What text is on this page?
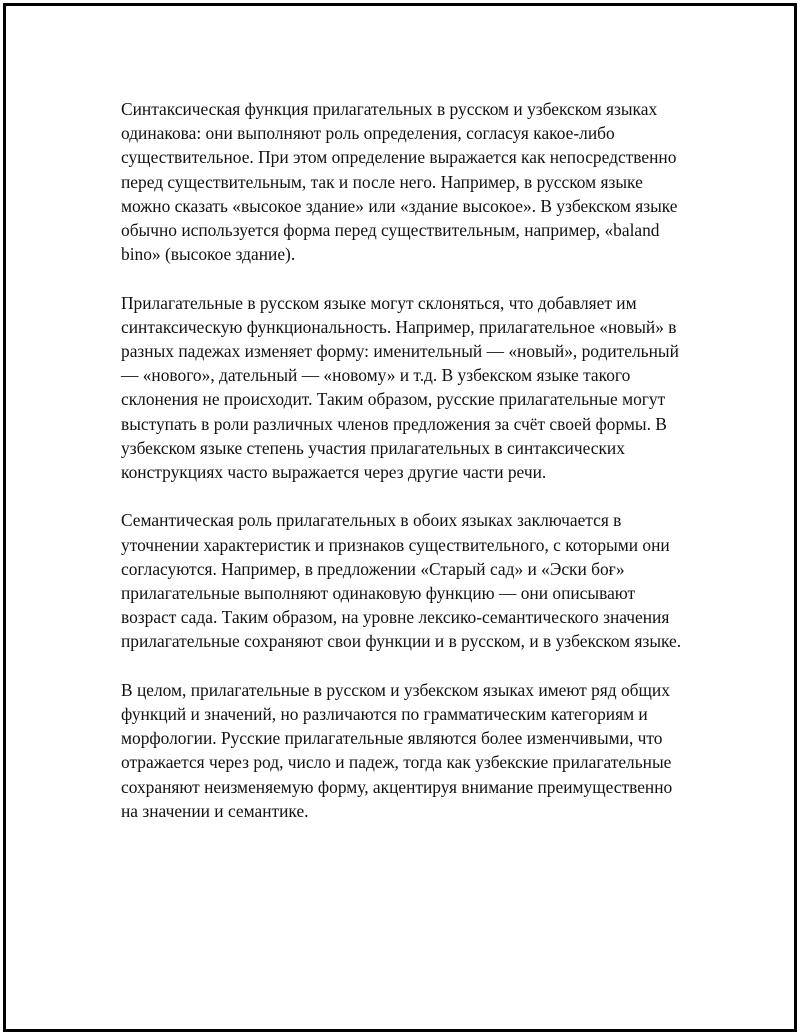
Синтаксическая функция прилагательных в русском и узбекском языках одинакова: они выполняют роль определения, согласуя какое-либо существительное. При этом определение выражается как непосредственно перед существительным, так и после него. Например, в русском языке можно сказать «высокое здание» или «здание высокое». В узбекском языке обычно используется форма перед существительным, например, «baland bino» (высокое здание).

Прилагательные в русском языке могут склоняться, что добавляет им синтаксическую функциональность. Например, прилагательное «новый» в разных падежах изменяет форму: именительный — «новый», родительный — «нового», дательный — «новому» и т.д. В узбекском языке такого склонения не происходит. Таким образом, русские прилагательные могут выступать в роли различных членов предложения за счёт своей формы. В узбекском языке степень участия прилагательных в синтаксических конструкциях часто выражается через другие части речи.

Семантическая роль прилагательных в обоих языках заключается в уточнении характеристик и признаков существительного, с которыми они согласуются. Например, в предложении «Старый сад» и «Эски боғ» прилагательные выполняют одинаковую функцию — они описывают возраст сада. Таким образом, на уровне лексико-семантического значения прилагательные сохраняют свои функции и в русском, и в узбекском языке.

В целом, прилагательные в русском и узбекском языках имеют ряд общих функций и значений, но различаются по грамматическим категориям и морфологии. Русские прилагательные являются более изменчивыми, что отражается через род, число и падеж, тогда как узбекские прилагательные сохраняют неизменяемую форму, акцентируя внимание преимущественно на значении и семантике.
